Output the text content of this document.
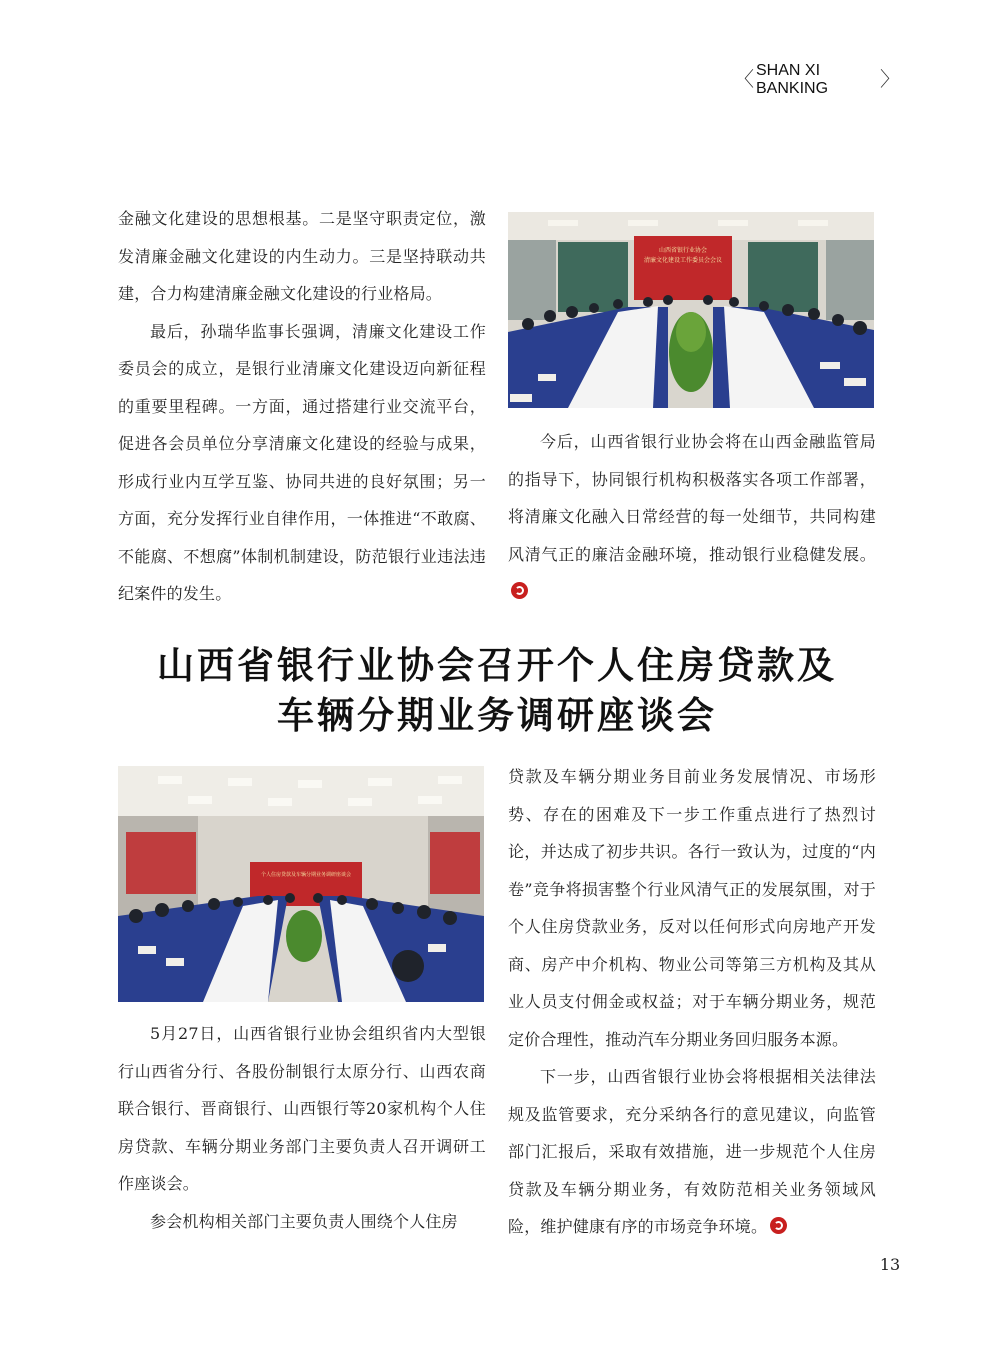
〈 SHAN XI BANKING	〉

金融文化建设的思想根基。二是坚守职责定位，激发清廉金融文化建设的内生动力。三是坚持联动共建，合力构建清廉金融文化建设的行业格局。

最后，孙瑞华监事长强调，清廉文化建设工作委员会的成立，是银行业清廉文化建设迈向新征程的重要里程碑。一方面，通过搭建行业交流平台，促进各会员单位分享清廉文化建设的经验与成果，形成行业内互学互鉴、协同共进的良好氛围；另一方面，充分发挥行业自律作用，一体推进“不敢腐、不能腐、不想腐”体制机制建设，防范银行业违法违纪案件的发生。

山西省银行业协会
清廉文化建设工作委员会会议

今后，山西省银行业协会将在山西金融监管局的指导下，协同银行机构积极落实各项工作部署，将清廉文化融入日常经营的每一处细节，共同构建风清气正的廉洁金融环境，推动银行业稳健发展。

山西省银行业协会召开个人住房贷款及
车辆分期业务调研座谈会
个人住房贷款及车辆分期业务调研座谈会

5月27日，山西省银行业协会组织省内大型银行山西省分行、各股份制银行太原分行、山西农商联合银行、晋商银行、山西银行等20家机构个人住房贷款、车辆分期业务部门主要负责人召开调研工作座谈会。

参会机构相关部门主要负责人围绕个人住房

贷款及车辆分期业务目前业务发展情况、市场形势、存在的困难及下一步工作重点进行了热烈讨论，并达成了初步共识。各行一致认为，过度的“内卷”竞争将损害整个行业风清气正的发展氛围，对于个人住房贷款业务，反对以任何形式向房地产开发商、房产中介机构、物业公司等第三方机构及其从业人员支付佣金或权益；对于车辆分期业务，规范定价合理性，推动汽车分期业务回归服务本源。

下一步，山西省银行业协会将根据相关法律法规及监管要求，充分采纳各行的意见建议，向监管部门汇报后，采取有效措施，进一步规范个人住房贷款及车辆分期业务，有效防范相关业务领域风险，维护健康有序的市场竞争环境。

13
